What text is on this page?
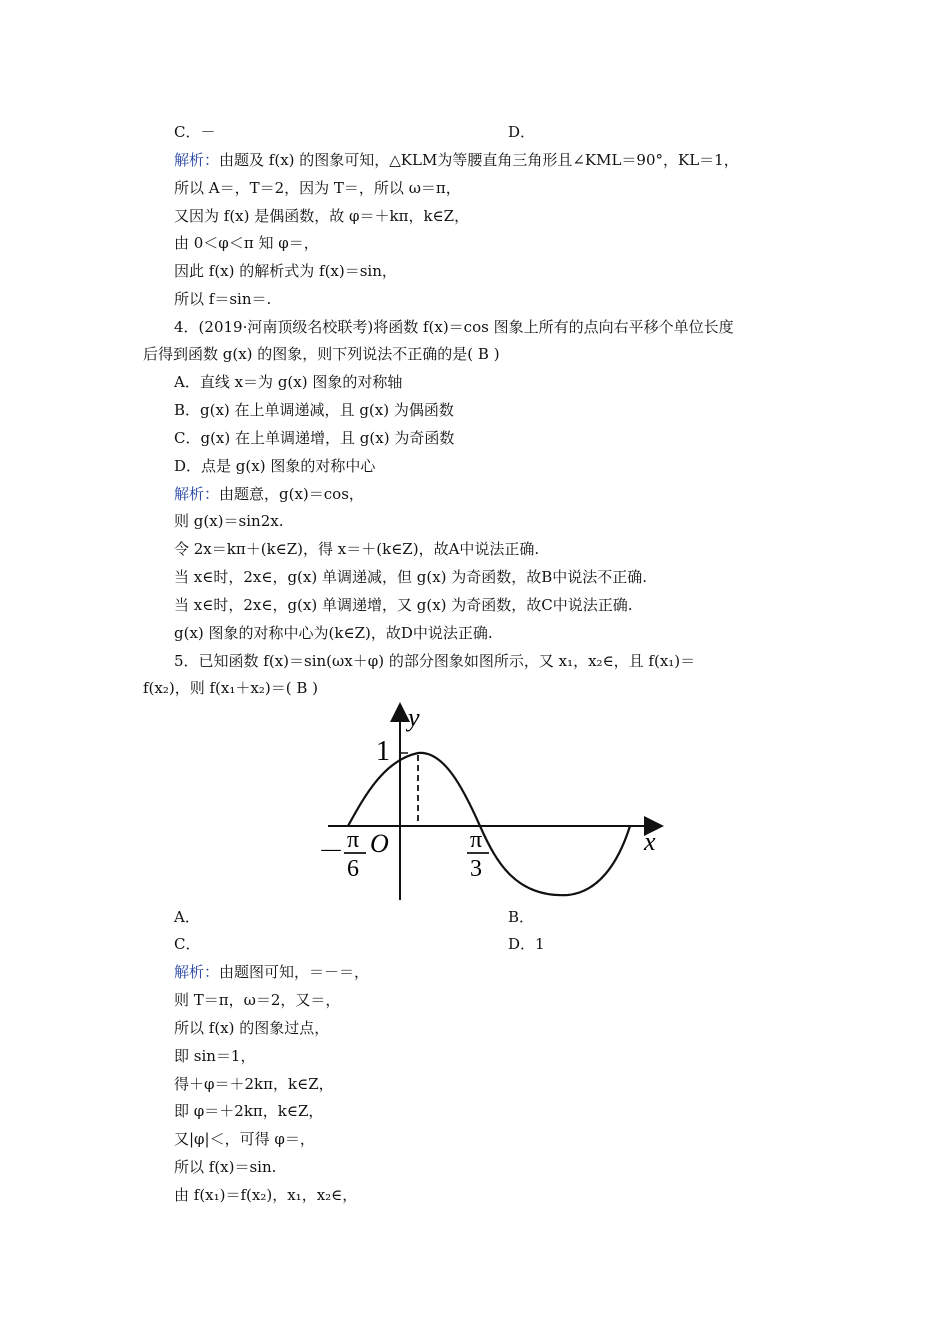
C．－	D．
解析：由题及 f(x) 的图象可知，△KLM为等腰直角三角形且∠KML＝90°，KL＝1，
所以 A＝，T＝2，因为 T＝，所以 ω＝π，
又因为 f(x) 是偶函数，故 φ＝＋kπ，k∈Z，
由 0＜φ＜π 知 φ＝，
因此 f(x) 的解析式为 f(x)＝sin，
所以 f＝sin＝.
4．(2019·河南顶级名校联考)将函数 f(x)＝cos 图象上所有的点向右平移个单位长度
后得到函数 g(x) 的图象，则下列说法不正确的是( B )
A．直线 x＝为 g(x) 图象的对称轴
B．g(x) 在上单调递减，且 g(x) 为偶函数
C．g(x) 在上单调递增，且 g(x) 为奇函数
D．点是 g(x) 图象的对称中心
解析：由题意，g(x)＝cos，
则 g(x)＝sin2x.
令 2x＝kπ＋(k∈Z)，得 x＝＋(k∈Z)，故A中说法正确.
当 x∈时，2x∈，g(x) 单调递减，但 g(x) 为奇函数，故B中说法不正确.
当 x∈时，2x∈，g(x) 单调递增，又 g(x) 为奇函数，故C中说法正确.
g(x) 图象的对称中心为(k∈Z)，故D中说法正确.
5．已知函数 f(x)＝sin(ωx＋φ) 的部分图象如图所示，又 x₁，x₂∈，且 f(x₁)＝
f(x₂)，则 f(x₁＋x₂)＝( B )
y
x
1
O
－ π
6
π
3
A．	B．
C．	D．1
解析：由题图可知，＝－＝，
则 T＝π，ω＝2，又＝，
所以 f(x) 的图象过点，
即 sin＝1，
得＋φ＝＋2kπ，k∈Z，
即 φ＝＋2kπ，k∈Z，
又|φ|＜，可得 φ＝，
所以 f(x)＝sin.
由 f(x₁)＝f(x₂)，x₁，x₂∈，
